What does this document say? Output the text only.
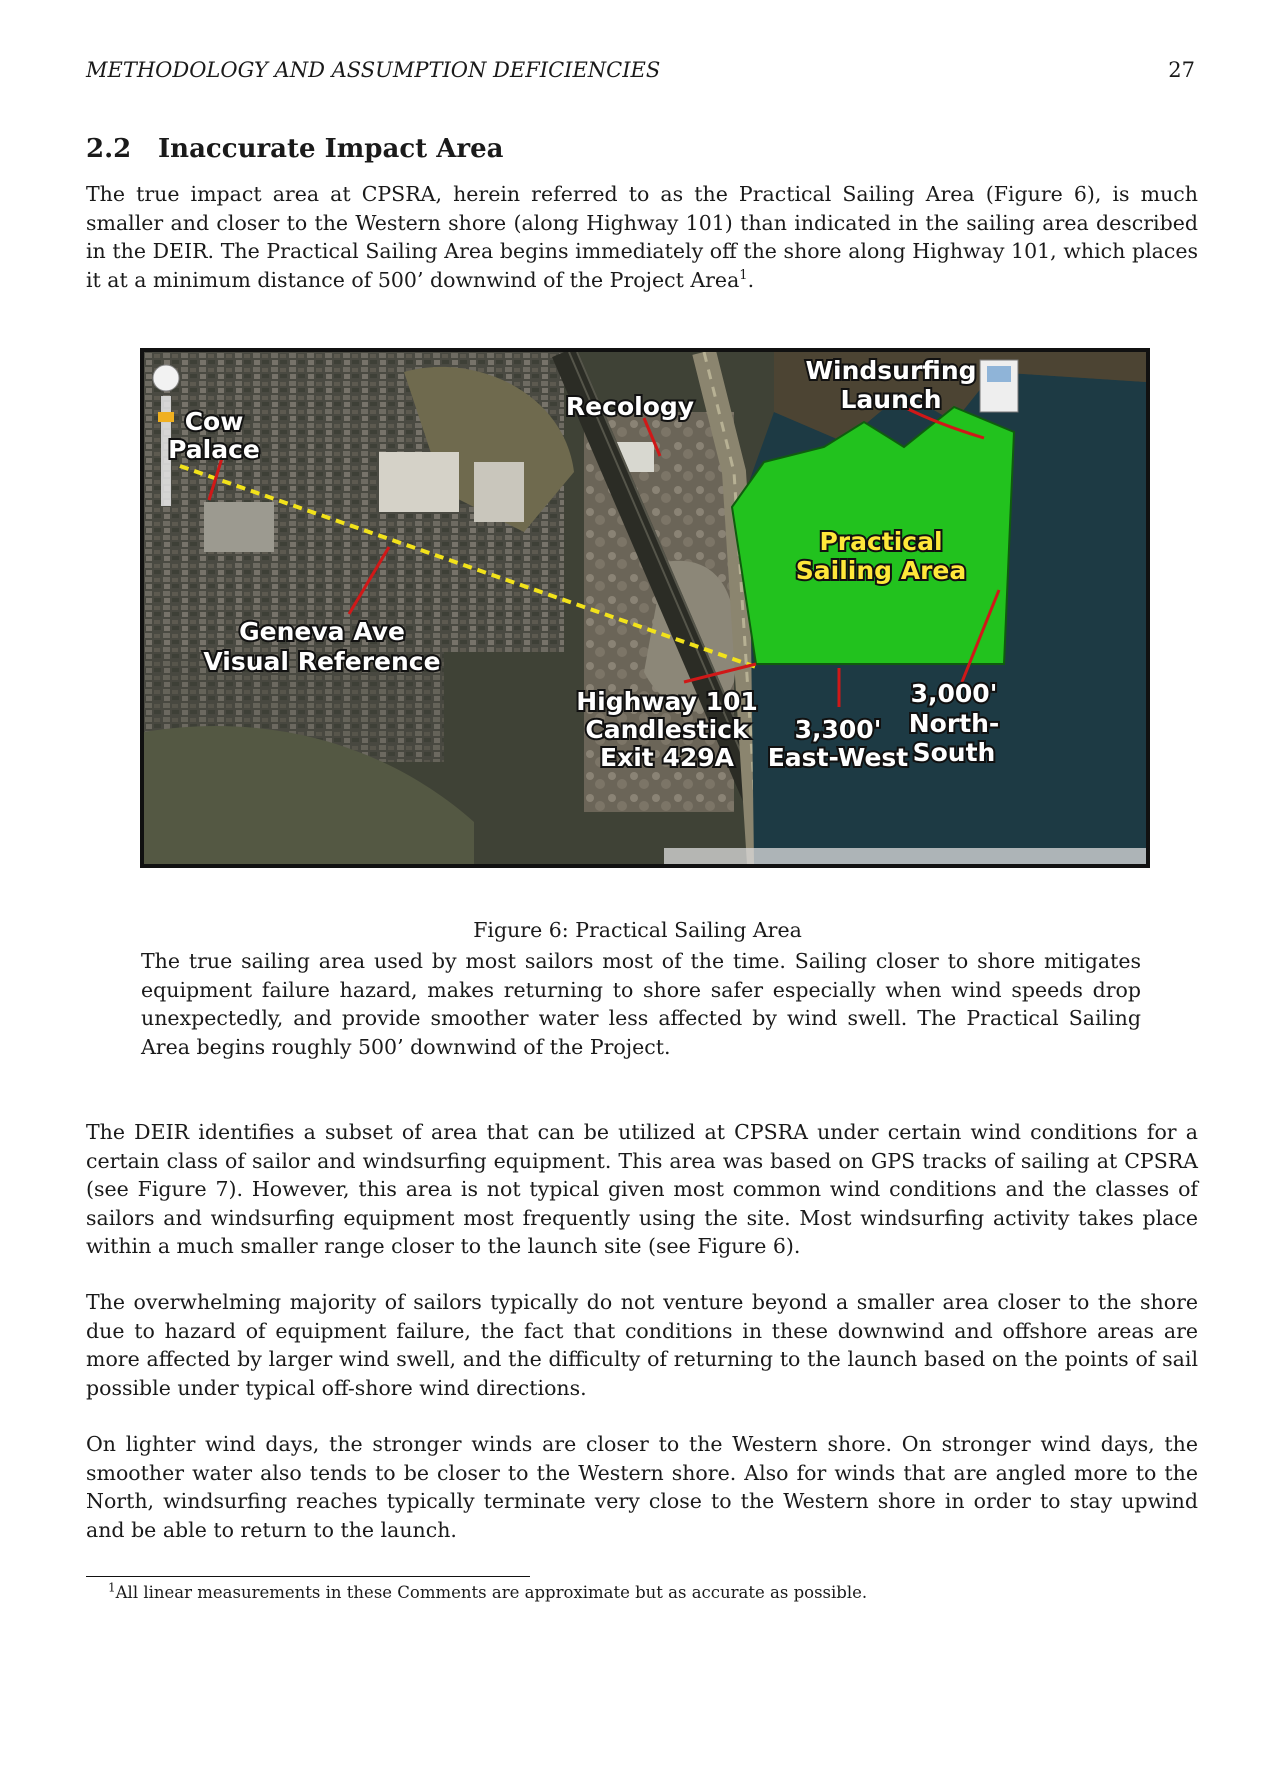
METHODOLOGY AND ASSUMPTION DEFICIENCIES	27
2.2 Inaccurate Impact Area

The true impact area at CPSRA, herein referred to as the Practical Sailing Area (Figure 6), is much smaller and closer to the Western shore (along Highway 101) than indicated in the sailing area described in the DEIR. The Practical Sailing Area begins immediately off the shore along Highway 101, which places it at a minimum distance of 500’ downwind of the Project Area$^1$.

Windsurfing
Launch
Recology
Cow
Palace
Practical
Sailing Area
Geneva Ave
Visual Reference
Highway 101
Candlestick
Exit 429A
3,300'
East-West
3,000'
North-
South
Figure 6: Practical Sailing Area

The true sailing area used by most sailors most of the time. Sailing closer to shore mitigates equipment failure hazard, makes returning to shore safer especially when wind speeds drop unexpectedly, and provide smoother water less affected by wind swell. The Practical Sailing Area begins roughly 500’ downwind of the Project.

The DEIR identifies a subset of area that can be utilized at CPSRA under certain wind conditions for a certain class of sailor and windsurfing equipment. This area was based on GPS tracks of sailing at CPSRA (see Figure 7). However, this area is not typical given most common wind conditions and the classes of sailors and windsurfing equipment most frequently using the site. Most windsurfing activity takes place within a much smaller range closer to the launch site (see Figure 6).

The overwhelming majority of sailors typically do not venture beyond a smaller area closer to the shore due to hazard of equipment failure, the fact that conditions in these downwind and offshore areas are more affected by larger wind swell, and the difficulty of returning to the launch based on the points of sail possible under typical off-shore wind directions.

On lighter wind days, the stronger winds are closer to the Western shore. On stronger wind days, the smoother water also tends to be closer to the Western shore. Also for winds that are angled more to the North, windsurfing reaches typically terminate very close to the Western shore in order to stay upwind and be able to return to the launch.

$^1$All linear measurements in these Comments are approximate but as accurate as possible.
